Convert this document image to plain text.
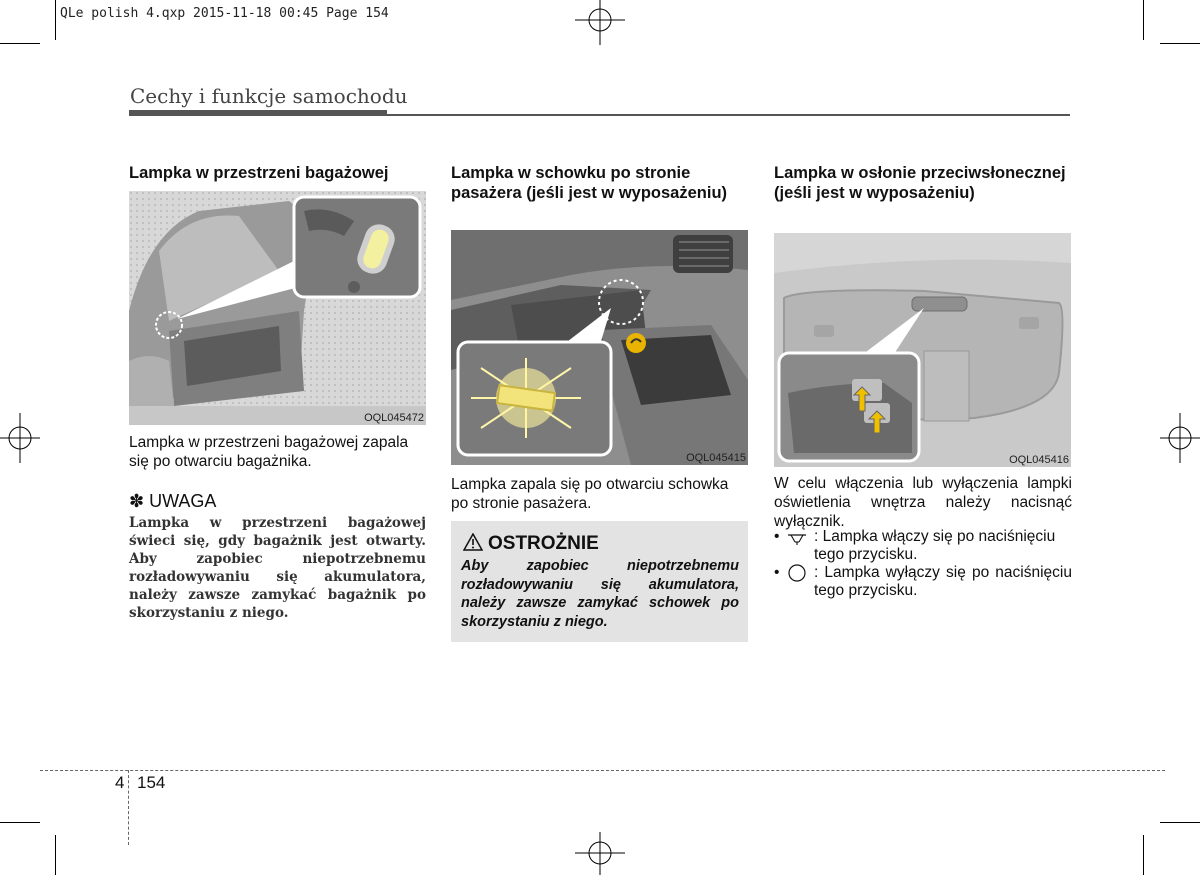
QLe polish 4.qxp 2015-11-18 00:45 Page 154
Cechy i funkcje samochodu
Lampka w przestrzeni bagażowej
OQL045472

Lampka w przestrzeni bagażowej zapala się po otwarciu bagażnika.

✽ UWAGA

Lampka w przestrzeni bagażowej świeci się, gdy bagażnik jest otwarty. Aby zapobiec niepotrzebnemu rozładowywaniu się akumulatora, należy zawsze zamykać bagażnik po skorzystaniu z niego.

Lampka w schowku po stronie pasażera (jeśli jest w wyposażeniu)
OQL045415

Lampka zapala się po otwarciu schowka po stronie pasażera.

OSTROŻNIE

Aby zapobiec niepotrzebnemu rozładowywaniu się akumulatora, należy zawsze zamykać schowek po skorzystaniu z niego.

Lampka w osłonie przeciwsłonecznej (jeśli jest w wyposażeniu)
OQL045416

W celu włączenia lub wyłączenia lampki oświetlenia wnętrza należy nacisnąć wyłącznik.

• : Lampka włączy się po naciśnięciu tego przycisku.
• : Lampka wyłączy się po naciśnięciu tego przycisku.
4 154
